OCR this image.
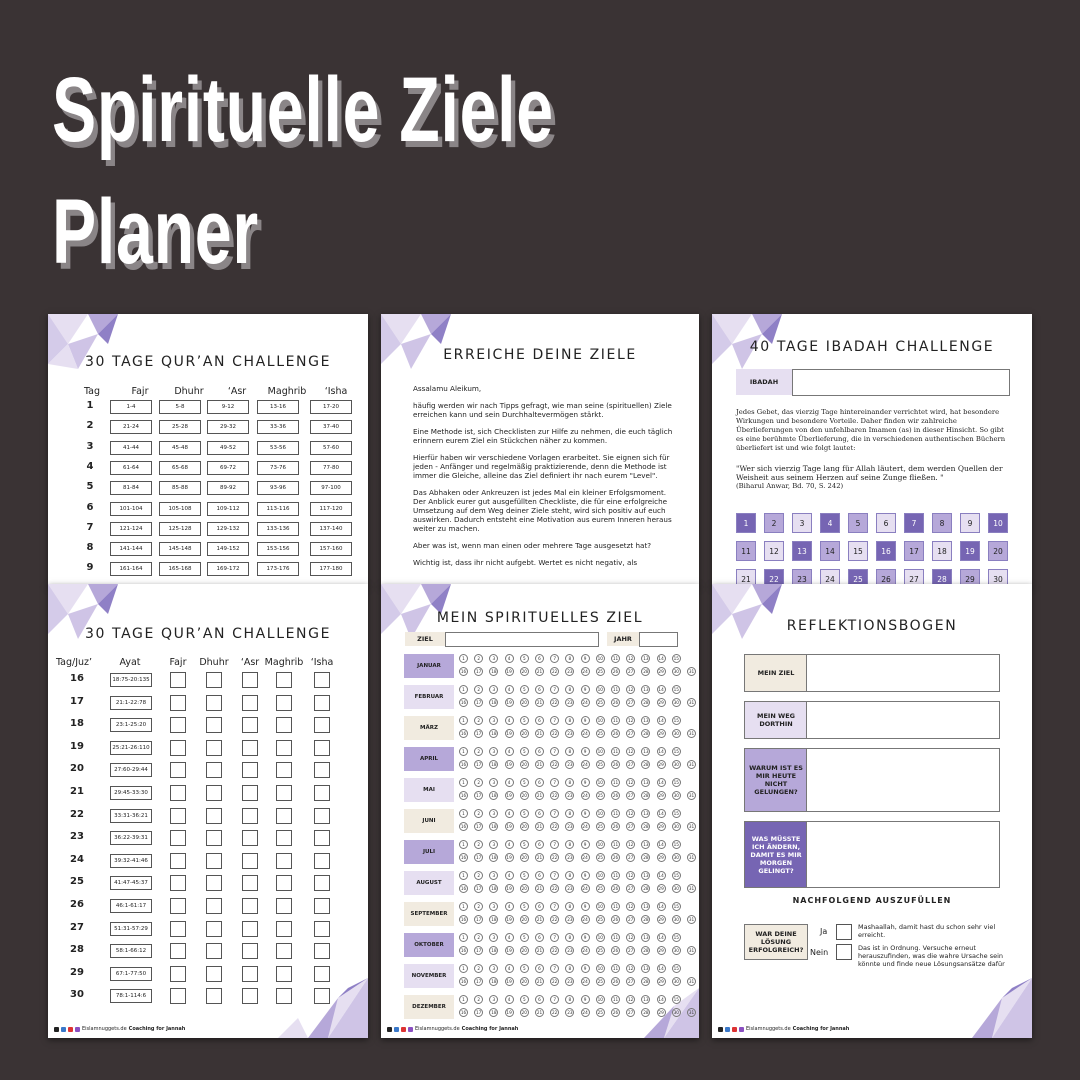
Spirituelle Ziele
Planer
30 TAGE QUR’AN CHALLENGE
Tag	Fajr	Dhuhr	‘Asr	Maghrib	‘Isha
1	1-4	5-8	9-12	13-16	17-20
2	21-24	25-28	29-32	33-36	37-40
3	41-44	45-48	49-52	53-56	57-60
4	61-64	65-68	69-72	73-76	77-80
5	81-84	85-88	89-92	93-96	97-100
6	101-104	105-108	109-112	113-116	117-120
7	121-124	125-128	129-132	133-136	137-140
8	141-144	145-148	149-152	153-156	157-160
9	161-164	165-168	169-172	173-176	177-180
ERREICHE DEINE ZIELE
Assalamu Aleikum,
häufig werden wir nach Tipps gefragt, wie man seine (spirituellen) Ziele erreichen kann und sein Durchhaltevermögen stärkt.
Eine Methode ist, sich Checklisten zur Hilfe zu nehmen, die euch täglich erinnern eurem Ziel ein Stückchen näher zu kommen.
Hierfür haben wir verschiedene Vorlagen erarbeitet. Sie eignen sich für jeden - Anfänger und regelmäßig praktizierende, denn die Methode ist immer die Gleiche, alleine das Ziel definiert ihr nach eurem "Level".
Das Abhaken oder Ankreuzen ist jedes Mal ein kleiner Erfolgsmoment. Der Anblick eurer gut ausgefüllten Checkliste, die für eine erfolgreiche Umsetzung auf dem Weg deiner Ziele steht, wird sich positiv auf euch auswirken. Dadurch entsteht eine Motivation aus eurem Inneren heraus weiter zu machen.
Aber was ist, wenn man einen oder mehrere Tage ausgesetzt hat?
Wichtig ist, dass ihr nicht aufgebt. Wertet es nicht negativ, als
40 TAGE IBADAH CHALLENGE
IBADAH
Jedes Gebet, das vierzig Tage hintereinander verrichtet wird, hat besondere Wirkungen und besondere Vorteile. Daher finden wir zahlreiche Überlieferungen von den unfehlbaren Imamen (as) in dieser Hinsicht. So gibt es eine berühmte Überlieferung, die in verschiedenen authentischen Büchern überliefert ist und wie folgt lautet:
"Wer sich vierzig Tage lang für Allah läutert, dem werden Quellen der Weisheit aus seinem Herzen auf seine Zunge fließen. "
(Biharul Anwar, Bd. 70, S. 242)
1	2	3	4	5	6	7	8	9	10
11	12	13	14	15	16	17	18	19	20
21	22	23	24	25	26	27	28	29	30
30 TAGE QUR’AN CHALLENGE
Tag/Juz’	Ayat	Fajr	Dhuhr	‘Asr Maghrib ‘Isha
16	18:75-20:135
17	21:1-22:78
18	23:1-25:20
19	25:21-26:110
20	27:60-29:44
21	29:45-33:30
22	33:31-36:21
23	36:22-39:31
24	39:32-41:46
25	41:47-45:37
26	46:1-61:17
27	51:31-57:29
28	58:1-66:12
29	67:1-77:50
30	78:1-114:6
Eislamnuggets.de Coaching for Jannah
MEIN SPIRITUELLES ZIEL
ZIEL	JAHR
JANUAR
1	2	3	4	5	6	7	8	9	10	11	12	13	14	15
16	17	18	19	20	21	22	23	24	25	26	27	28	29	30	31
FEBRUAR
1	2	3	4	5	6	7	8	9	10	11	12	13	14	15
16	17	18	19	20	21	22	23	24	25	26	27	28	29	30	31
MÄRZ
1	2	3	4	5	6	7	8	9	10	11	12	13	14	15
16	17	18	19	20	21	22	23	24	25	26	27	28	29	30	31
APRIL
1	2	3	4	5	6	7	8	9	10	11	12	13	14	15
16	17	18	19	20	21	22	23	24	25	26	27	28	29	30	31
MAI
1	2	3	4	5	6	7	8	9	10	11	12	13	14	15
16	17	18	19	20	21	22	23	24	25	26	27	28	29	30	31
JUNI
1	2	3	4	5	6	7	8	9	10	11	12	13	14	15
16	17	18	19	20	21	22	23	24	25	26	27	28	29	30	31
JULI
1	2	3	4	5	6	7	8	9	10	11	12	13	14	15
16	17	18	19	20	21	22	23	24	25	26	27	28	29	30	31
AUGUST
1	2	3	4	5	6	7	8	9	10	11	12	13	14	15
16	17	18	19	20	21	22	23	24	25	26	27	28	29	30	31
SEPTEMBER
1	2	3	4	5	6	7	8	9	10	11	12	13	14	15
16	17	18	19	20	21	22	23	24	25	26	27	28	29	30	31
OKTOBER
1	2	3	4	5	6	7	8	9	10	11	12	13	14	15
16	17	18	19	20	21	22	23	24	25	26	27	28	29	30	31
NOVEMBER
1	2	3	4	5	6	7	8	9	10	11	12	13	14	15
16	17	18	19	20	21	22	23	24	25	26	27	28	29	30	31
DEZEMBER
1	2	3	4	5	6	7	8	9	10	11	12	13	14	15
16	17	18	19	20	21	22	23	24	25	26	27	28	29	30	31
Eislamnuggets.de Coaching for Jannah
REFLEKTIONSBOGEN
MEIN ZIEL
MEIN WEG DORTHIN
WARUM IST ES MIR HEUTE NICHT GELUNGEN?
WAS MÜSSTE ICH ÄNDERN, DAMIT ES MIR MORGEN GELINGT?
NACHFOLGEND AUSZUFÜLLEN
WAR DEINE LÖSUNG ERFOLGREICH?
Ja	Mashaallah, damit hast du schon sehr viel erreicht.
Nein	Das ist in Ordnung. Versuche erneut herauszufinden, was die wahre Ursache sein könnte und finde neue Lösungsansätze dafür
Eislamnuggets.de Coaching for Jannah
